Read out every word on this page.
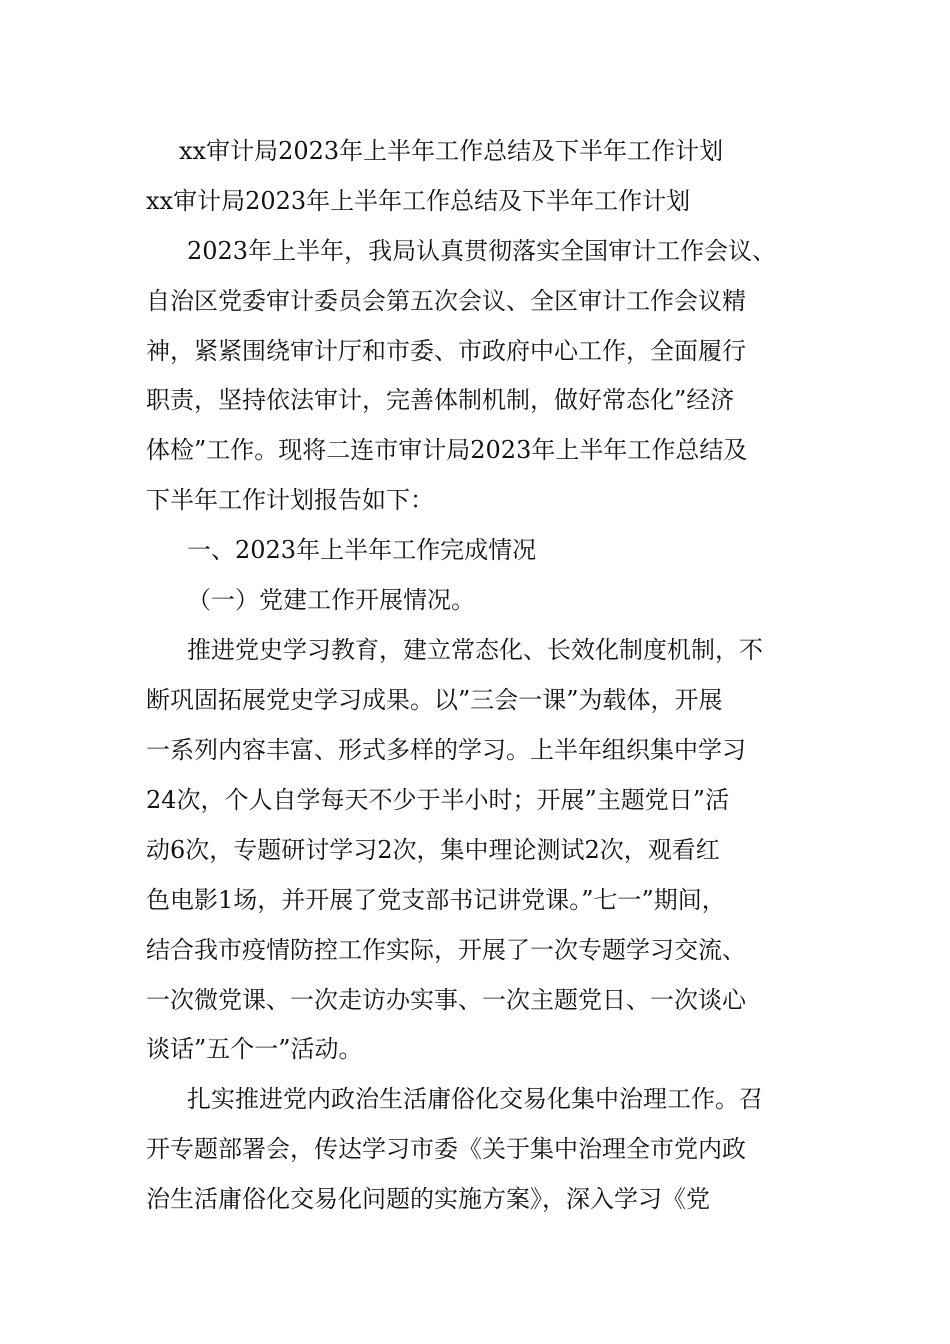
xx审计局2023年上半年工作总结及下半年工作计划
xx审计局2023年上半年工作总结及下半年工作计划
2023年上半年，我局认真贯彻落实全国审计工作会议、
自治区党委审计委员会第五次会议、全区审计工作会议精
神，紧紧围绕审计厅和市委、市政府中心工作，全面履行
职责，坚持依法审计，完善体制机制，做好常态化”经济
体检”工作。现将二连市审计局2023年上半年工作总结及
下半年工作计划报告如下：
一、2023年上半年工作完成情况
（一）党建工作开展情况。
推进党史学习教育，建立常态化、长效化制度机制，不
断巩固拓展党史学习成果。以”三会一课”为载体，开展
一系列内容丰富、形式多样的学习。上半年组织集中学习
24次，个人自学每天不少于半小时；开展”主题党日”活
动6次，专题研讨学习2次，集中理论测试2次，观看红
色电影1场，并开展了党支部书记讲党课。”七一”期间，
结合我市疫情防控工作实际，开展了一次专题学习交流、
一次微党课、一次走访办实事、一次主题党日、一次谈心
谈话”五个一”活动。
扎实推进党内政治生活庸俗化交易化集中治理工作。召
开专题部署会，传达学习市委《关于集中治理全市党内政
治生活庸俗化交易化问题的实施方案》，深入学习《党
